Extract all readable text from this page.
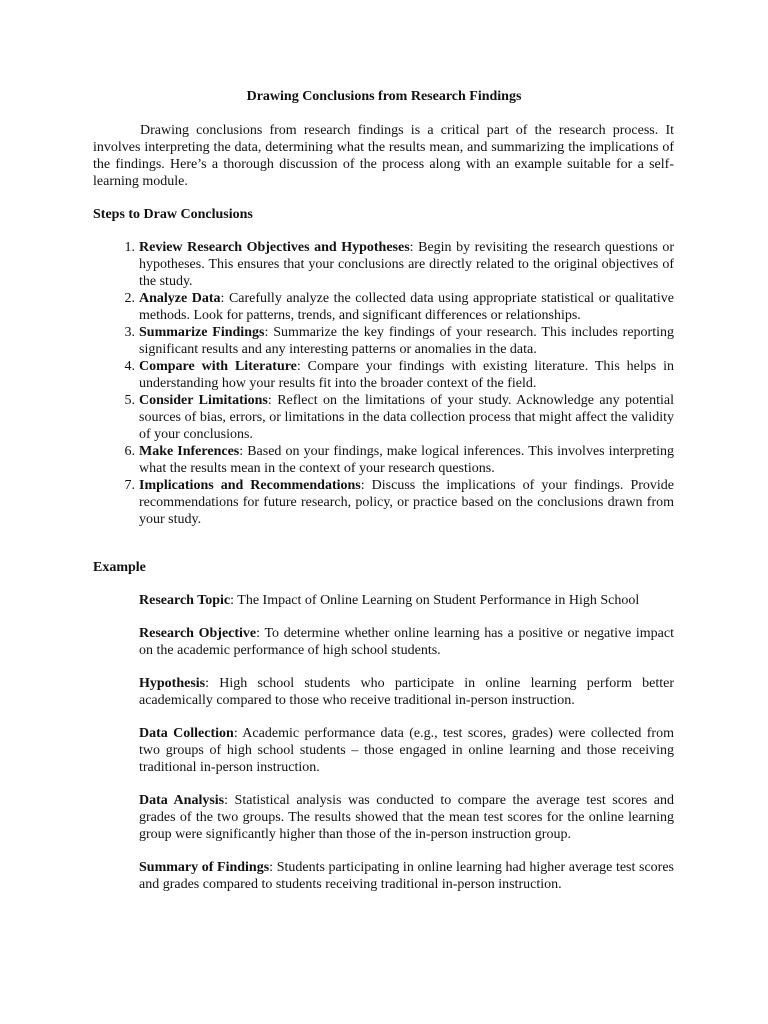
Drawing Conclusions from Research Findings

Drawing conclusions from research findings is a critical part of the research process. It involves interpreting the data, determining what the results mean, and summarizing the implications of the findings. Here’s a thorough discussion of the process along with an example suitable for a self-learning module.

Steps to Draw Conclusions

1. Review Research Objectives and Hypotheses: Begin by revisiting the research questions or hypotheses. This ensures that your conclusions are directly related to the original objectives of the study.
2. Analyze Data: Carefully analyze the collected data using appropriate statistical or qualitative methods. Look for patterns, trends, and significant differences or relationships.
3. Summarize Findings: Summarize the key findings of your research. This includes reporting significant results and any interesting patterns or anomalies in the data.
4. Compare with Literature: Compare your findings with existing literature. This helps in understanding how your results fit into the broader context of the field.
5. Consider Limitations: Reflect on the limitations of your study. Acknowledge any potential sources of bias, errors, or limitations in the data collection process that might affect the validity of your conclusions.
6. Make Inferences: Based on your findings, make logical inferences. This involves interpreting what the results mean in the context of your research questions.
7. Implications and Recommendations: Discuss the implications of your findings. Provide recommendations for future research, policy, or practice based on the conclusions drawn from your study.

Example

Research Topic: The Impact of Online Learning on Student Performance in High School

Research Objective: To determine whether online learning has a positive or negative impact on the academic performance of high school students.

Hypothesis: High school students who participate in online learning perform better academically compared to those who receive traditional in-person instruction.

Data Collection: Academic performance data (e.g., test scores, grades) were collected from two groups of high school students – those engaged in online learning and those receiving traditional in-person instruction.

Data Analysis: Statistical analysis was conducted to compare the average test scores and grades of the two groups. The results showed that the mean test scores for the online learning group were significantly higher than those of the in-person instruction group.

Summary of Findings: Students participating in online learning had higher average test scores and grades compared to students receiving traditional in-person instruction.
